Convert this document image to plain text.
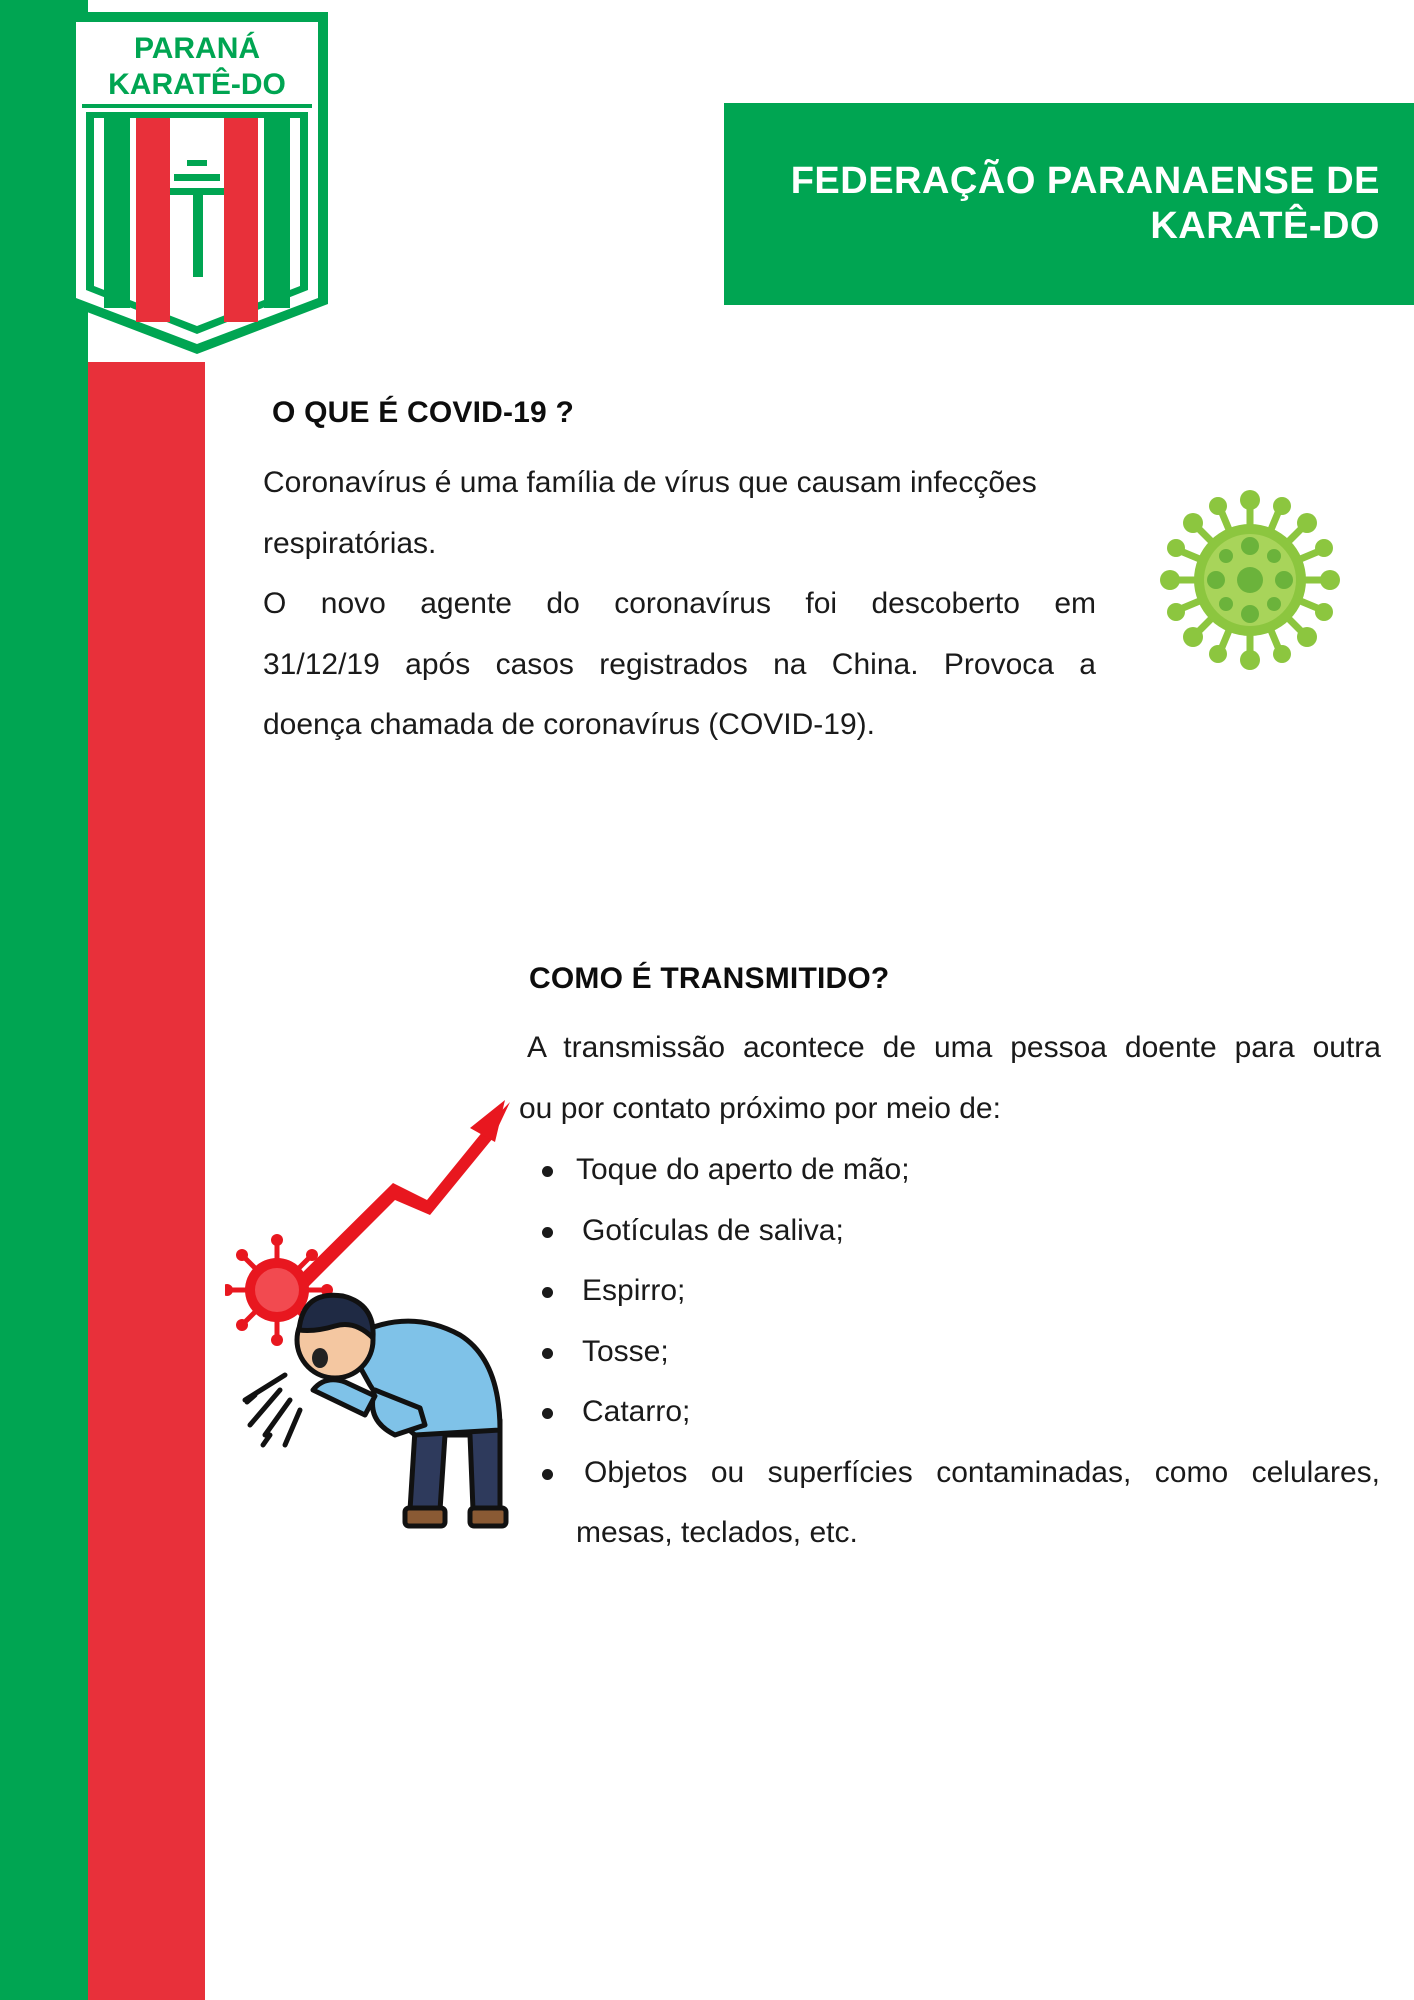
PARANÁ
KARATÊ-DO
FEDERAÇÃO PARANAENSE DE
KARATÊ-DO
O QUE É COVID-19 ?
Coronavírus é uma família de vírus que causam infecções
respiratórias.
O novo agente do coronavírus foi descoberto em
31/12/19 após casos registrados na China. Provoca a
doença chamada de coronavírus (COVID-19).
COMO É TRANSMITIDO?
A transmissão acontece de uma pessoa doente para outra
ou por contato próximo por meio de:
Toque do aperto de mão;
Gotículas de saliva;
Espirro;
Tosse;
Catarro;
Objetos ou superfícies contaminadas, como celulares, mesas, teclados, etc.
